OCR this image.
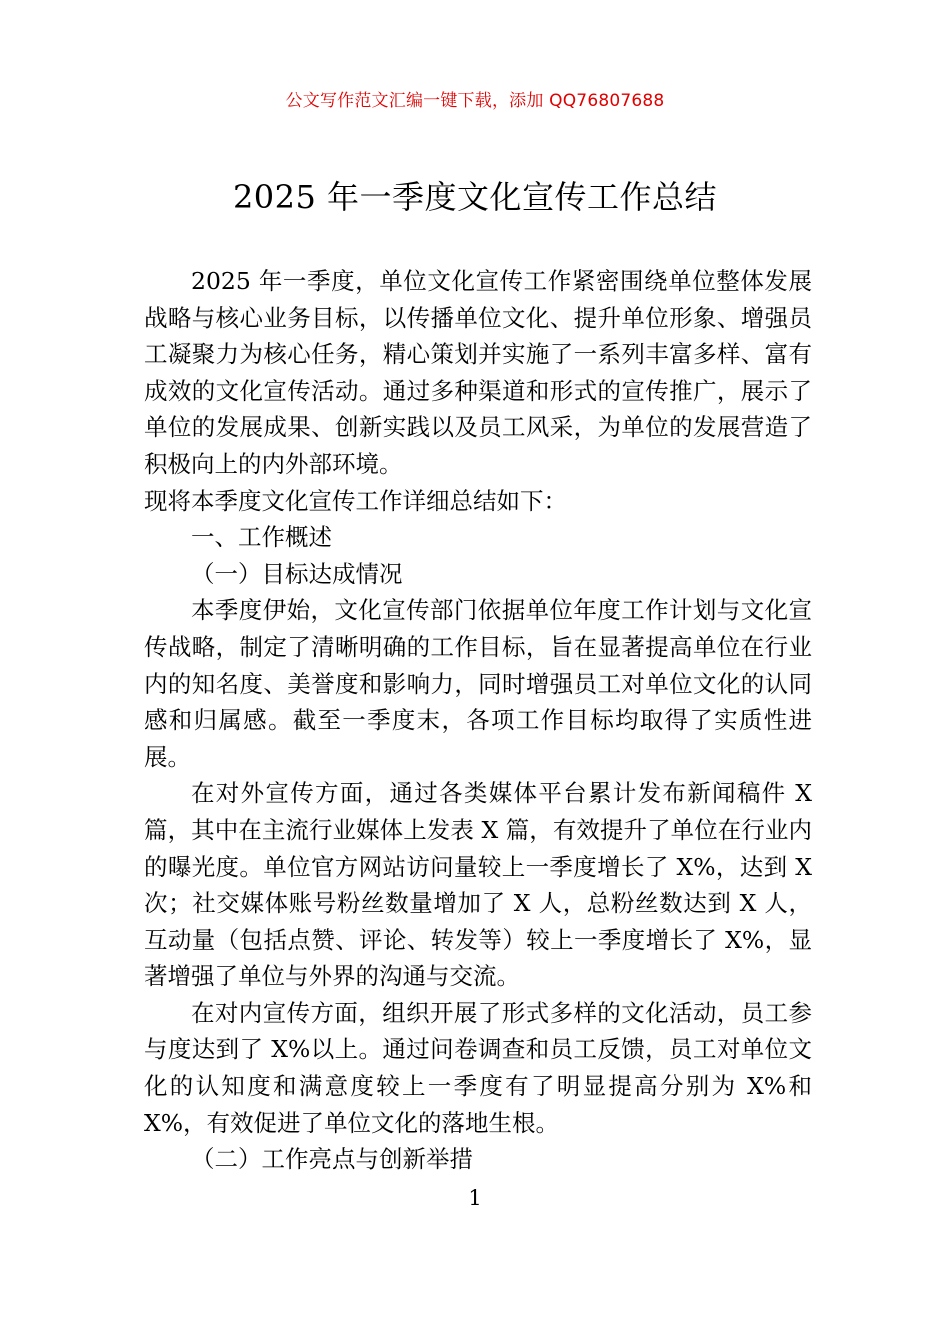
公文写作范文汇编一键下载，添加 QQ76807688
2025 年一季度文化宣传工作总结

2025 年一季度，单位文化宣传工作紧密围绕单位整体发展战略与核心业务目标，以传播单位文化、提升单位形象、增强员工凝聚力为核心任务，精心策划并实施了一系列丰富多样、富有成效的文化宣传活动。通过多种渠道和形式的宣传推广，展示了单位的发展成果、创新实践以及员工风采，为单位的发展营造了积极向上的内外部环境。

现将本季度文化宣传工作详细总结如下：

一、工作概述

（一）目标达成情况

本季度伊始，文化宣传部门依据单位年度工作计划与文化宣传战略，制定了清晰明确的工作目标，旨在显著提高单位在行业内的知名度、美誉度和影响力，同时增强员工对单位文化的认同感和归属感。截至一季度末，各项工作目标均取得了实质性进展。

在对外宣传方面，通过各类媒体平台累计发布新闻稿件 X 篇，其中在主流行业媒体上发表 X 篇，有效提升了单位在行业内的曝光度。单位官方网站访问量较上一季度增长了 X%，达到 X 次；社交媒体账号粉丝数量增加了 X 人，总粉丝数达到 X 人，互动量（包括点赞、评论、转发等）较上一季度增长了 X%，显著增强了单位与外界的沟通与交流。

在对内宣传方面，组织开展了形式多样的文化活动，员工参与度达到了 X%以上。通过问卷调查和员工反馈，员工对单位文化的认知度和满意度较上一季度有了明显提高分别为 X%和 X%，有效促进了单位文化的落地生根。

（二）工作亮点与创新举措

1
